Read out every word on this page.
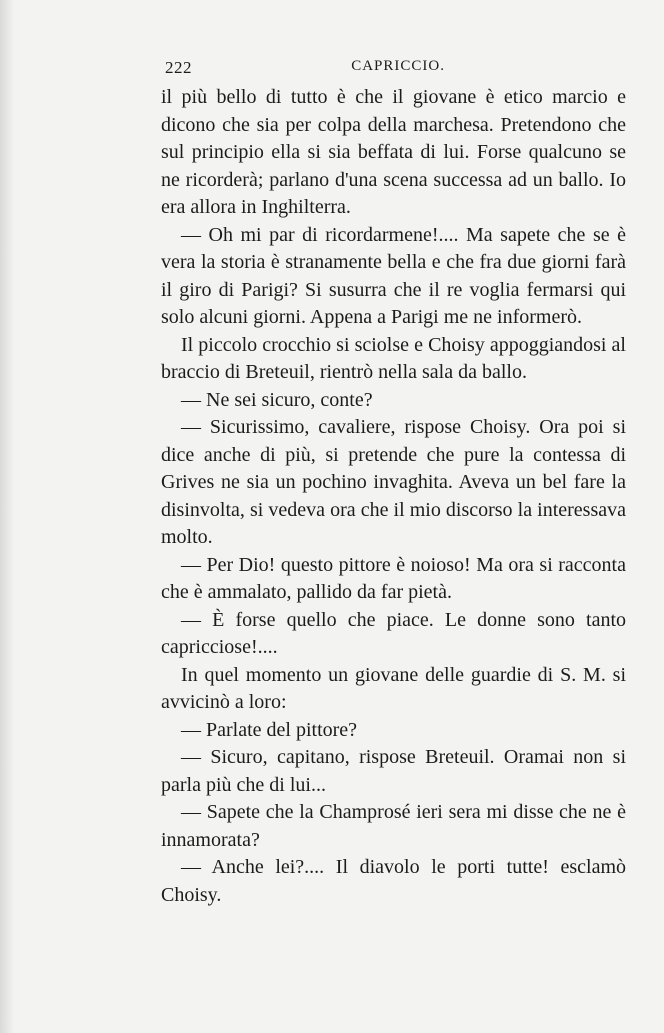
222	CAPRICCIO.

il più bello di tutto è che il giovane è etico marcio e dicono che sia per colpa della marchesa. Pretendono che sul principio ella si sia beffata di lui. Forse qualcuno se ne ricorderà; parlano d'una scena successa ad un ballo. Io era allora in Inghilterra.

— Oh mi par di ricordarmene!.... Ma sapete che se è vera la storia è stranamente bella e che fra due giorni farà il giro di Parigi? Si susurra che il re voglia fermarsi qui solo alcuni giorni. Appena a Parigi me ne informerò.

Il piccolo crocchio si sciolse e Choisy appoggiandosi al braccio di Breteuil, rientrò nella sala da ballo.

— Ne sei sicuro, conte?

— Sicurissimo, cavaliere, rispose Choisy. Ora poi si dice anche di più, si pretende che pure la contessa di Grives ne sia un pochino invaghita. Aveva un bel fare la disinvolta, si vedeva ora che il mio discorso la interessava molto.

— Per Dio! questo pittore è noioso! Ma ora si racconta che è ammalato, pallido da far pietà.

— È forse quello che piace. Le donne sono tanto capricciose!....

In quel momento un giovane delle guardie di S. M. si avvicinò a loro:

— Parlate del pittore?

— Sicuro, capitano, rispose Breteuil. Oramai non si parla più che di lui...

— Sapete che la Champrosé ieri sera mi disse che ne è innamorata?

— Anche lei?.... Il diavolo le porti tutte! esclamò Choisy.
